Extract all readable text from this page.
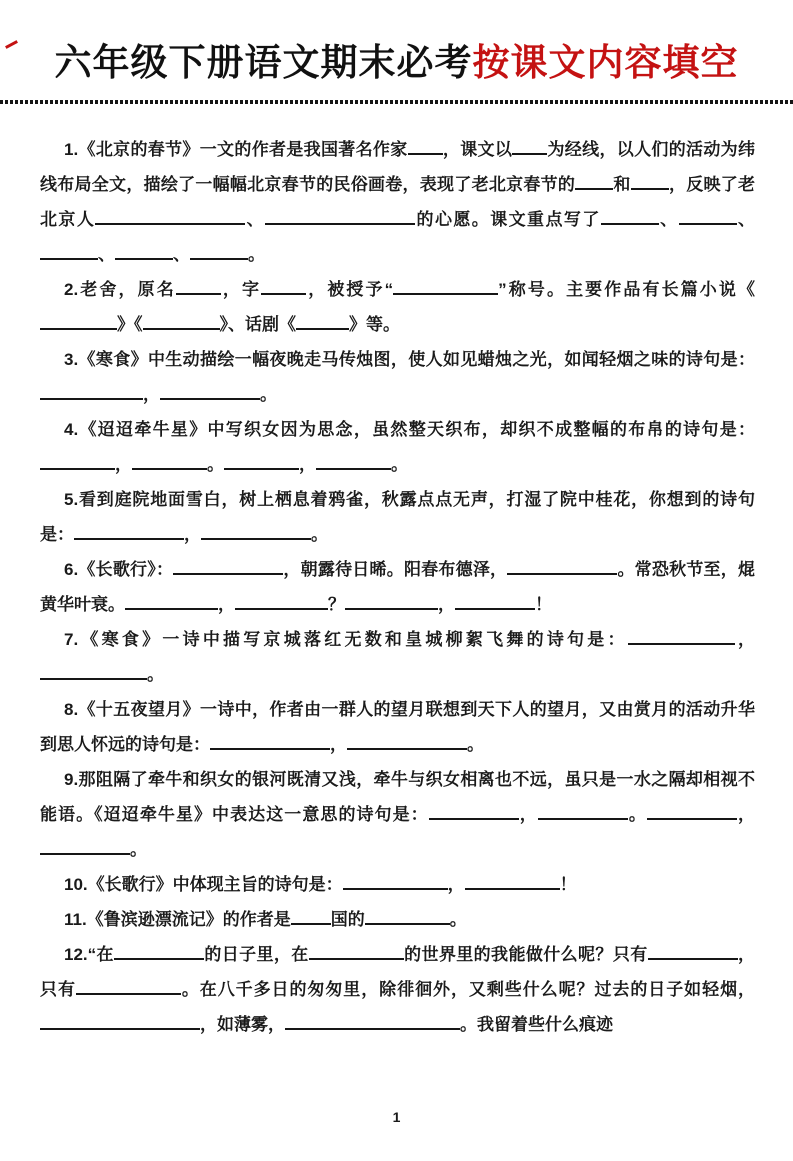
六年级下册语文期末必考按课文内容填空

1.《北京的春节》一文的作者是我国著名作家 ，课文以 为经线，以人们的活动为纬线布局全文，描绘了一幅幅北京春节的民俗画卷，表现了老北京春节的 和 ，反映了老北京人	、	的心愿。课文重点写了	、	、、	、	。

2.老舍，原名	，字	，被授予“	”称号。主要作品有长篇小说《》《	》、话剧《	》等。

3.《寒食》中生动描绘一幅夜晚走马传烛图，使人如见蜡烛之光，如闻轻烟之味的诗句是：，	。

4.《迢迢牵牛星》中写织女因为思念，虽然整天织布，却织不成整幅的布帛的诗句是：，	。	，	。

5.看到庭院地面雪白，树上栖息着鸦雀，秋露点点无声，打湿了院中桂花，你想到的诗句是：	，	。

6.《长歌行》：	，朝露待日晞。阳春布德泽，	。常恐秋节至，焜黄华叶衰。	，	？	，	！

7.《寒食》一诗中描写京城落红无数和皇城柳絮飞舞的诗句是：	，。

8.《十五夜望月》一诗中，作者由一群人的望月联想到天下人的望月，又由赏月的活动升华到思人怀远的诗句是：	，	。

9.那阻隔了牵牛和织女的银河既清又浅，牵牛与织女相离也不远，虽只是一水之隔却相视不能语。《迢迢牵牛星》中表达这一意思的诗句是：	，	。	，。

10.《长歌行》中体现主旨的诗句是：	，	！

11.《鲁滨逊漂流记》的作者是 国的	。

12.“在	的日子里，在	的世界里的我能做什么呢？只有	，只有	。在八千多日的匆匆里，除徘徊外，又剩些什么呢？过去的日子如轻烟，，如薄雾，	。我留着些什么痕迹

1
